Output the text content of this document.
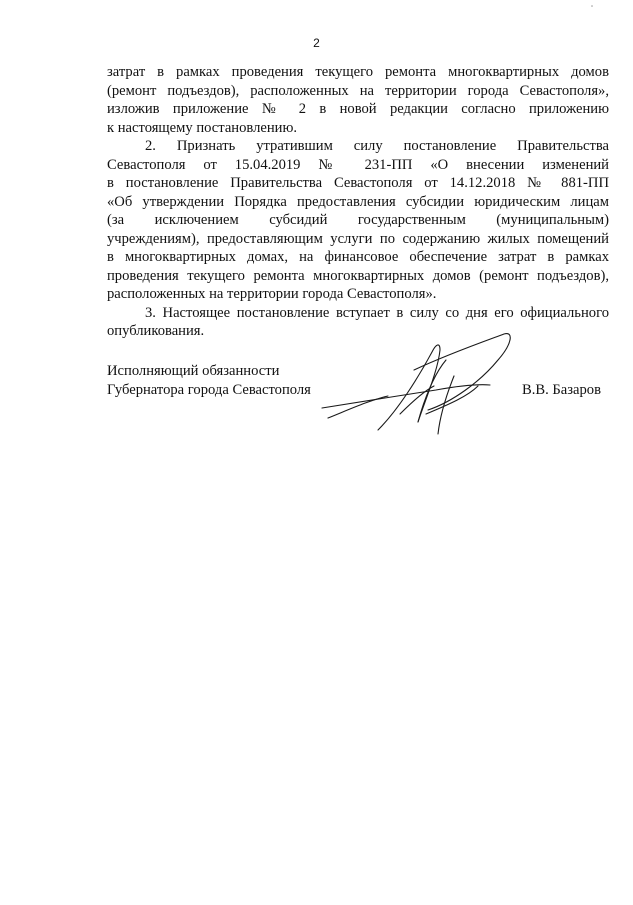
2

затрат в рамках проведения текущего ремонта многоквартирных домов
(ремонт подъездов), расположенных на территории города Севастополя»,
изложив приложение № 2 в новой редакции согласно приложению
к настоящему постановлению.

2. Признать утратившим силу постановление Правительства
Севастополя от 15.04.2019 № 231-ПП «О внесении изменений
в постановление Правительства Севастополя от 14.12.2018 № 881-ПП
«Об утверждении Порядка предоставления субсидии юридическим лицам
(за исключением субсидий государственным (муниципальным)
учреждениям), предоставляющим услуги по содержанию жилых помещений
в многоквартирных домах, на финансовое обеспечение затрат в рамках
проведения текущего ремонта многоквартирных домов (ремонт подъездов),
расположенных на территории города Севастополя».

3. Настоящее постановление вступает в силу со дня его официального
опубликования.

Исполняющий обязанности
Губернатора города Севастополя	В.В. Базаров
